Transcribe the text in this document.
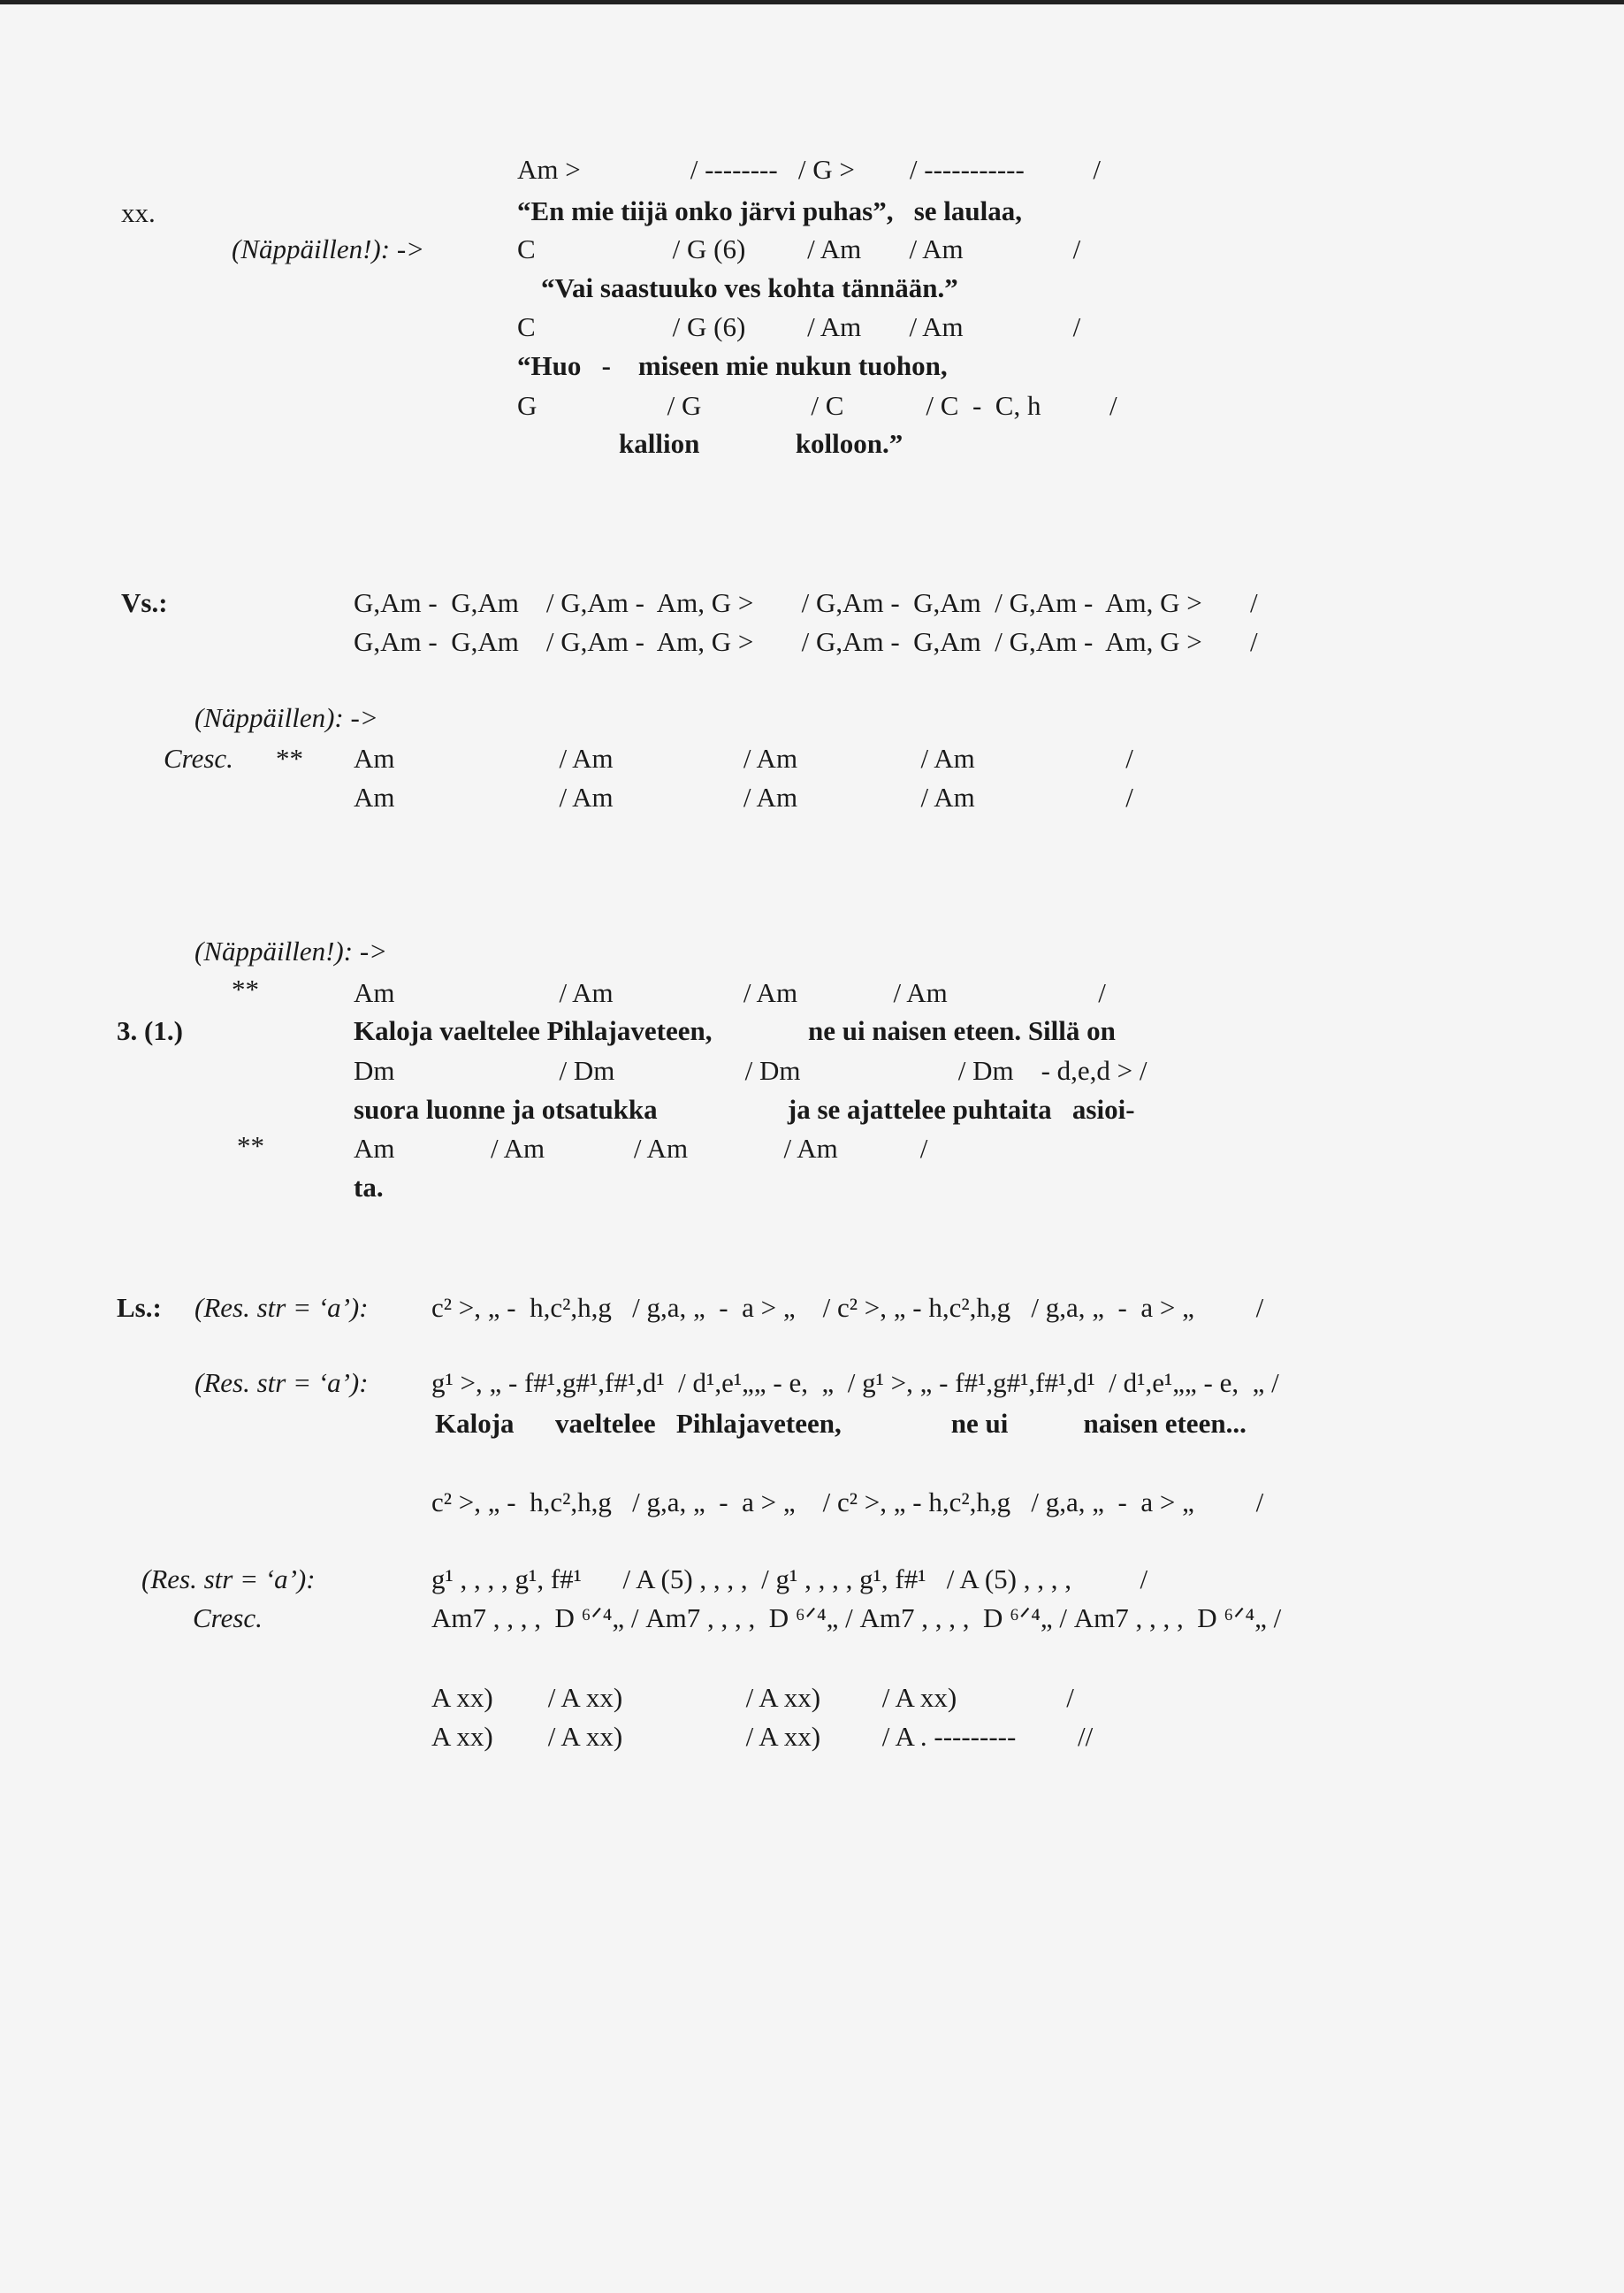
Am >                / --------   / G >        / -----------          /
xx.	“En mie tiijä onko järvi puhas”,   se laulaa,
(Näppäillen!): ->	C                    / G (6)         / Am       / Am                /
“Vai saastuuko ves kohta tännään.”
C                    / G (6)         / Am       / Am                /
“Huo   -    miseen mie nukun tuohon,
G                   / G                / C            / C  -  C, h          /
kallion              kolloon.”
Vs.:	G,Am -  G,Am    / G,Am -  Am, G >       / G,Am -  G,Am  / G,Am -  Am, G >       /
G,Am -  G,Am    / G,Am -  Am, G >       / G,Am -  G,Am  / G,Am -  Am, G >       /
(Näppäillen): ->
Cresc. ** Am                        / Am                   / Am                  / Am                      /
Am                        / Am                   / Am                  / Am                      /
(Näppäillen!): ->
**	Am                        / Am                   / Am              / Am                      /
3. (1.)	Kaloja vaeltelee Pihlajaveteen,              ne ui naisen eteen. Sillä on
Dm                        / Dm                   / Dm                       / Dm    - d,e,d > /
suora luonne ja otsatukka                   ja se ajattelee puhtaita   asioi-
**	Am              / Am             / Am              / Am            /
ta.
Ls.: (Res. str = ‘a’): c² >, „ -  h,c²,h,g   / g,a, „  -  a > „    / c² >, „ - h,c²,h,g   / g,a, „  -  a > „         /
(Res. str = ‘a’): g¹ >, „ - f#¹,g#¹,f#¹,d¹  / d¹,e¹„„ - e,  „  / g¹ >, „ - f#¹,g#¹,f#¹,d¹  / d¹,e¹„„ - e,  „ /
Kaloja      vaeltelee   Pihlajaveteen,                ne ui           naisen eteen...
c² >, „ -  h,c²,h,g   / g,a, „  -  a > „    / c² >, „ - h,c²,h,g   / g,a, „  -  a > „         /
(Res. str = ‘a’):	g¹ , , , , g¹, f#¹      / A (5) , , , ,  / g¹ , , , , g¹, f#¹   / A (5) , , , ,          /
Cresc.	Am7 , , , ,  D ⁶ᐟ⁴„ / Am7 , , , ,  D ⁶ᐟ⁴„ / Am7 , , , ,  D ⁶ᐟ⁴„ / Am7 , , , ,  D ⁶ᐟ⁴„ /
A xx)        / A xx)                  / A xx)         / A xx)                /
A xx)        / A xx)                  / A xx)         / A . ---------         //
